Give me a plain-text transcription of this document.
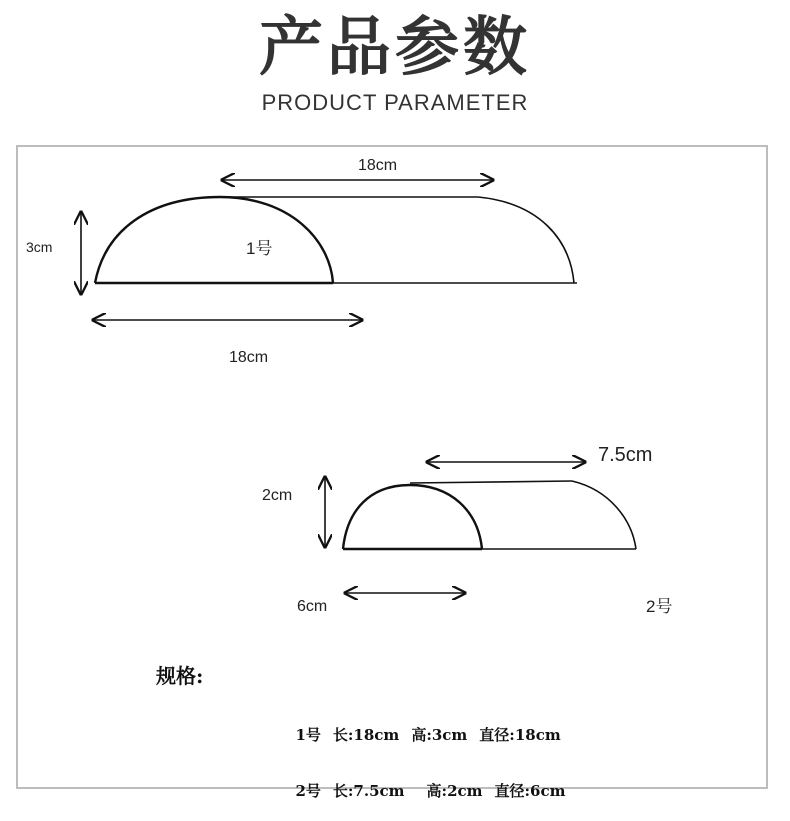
产品参数
PRODUCT PARAMETER
18cm
3cm	1号
18cm
7.5cm
2cm
6cm	2号
规格:

1号 长:18cm 高:3cm 直径:18cm

2号 长:7.5cm 高:2cm 直径:6cm
